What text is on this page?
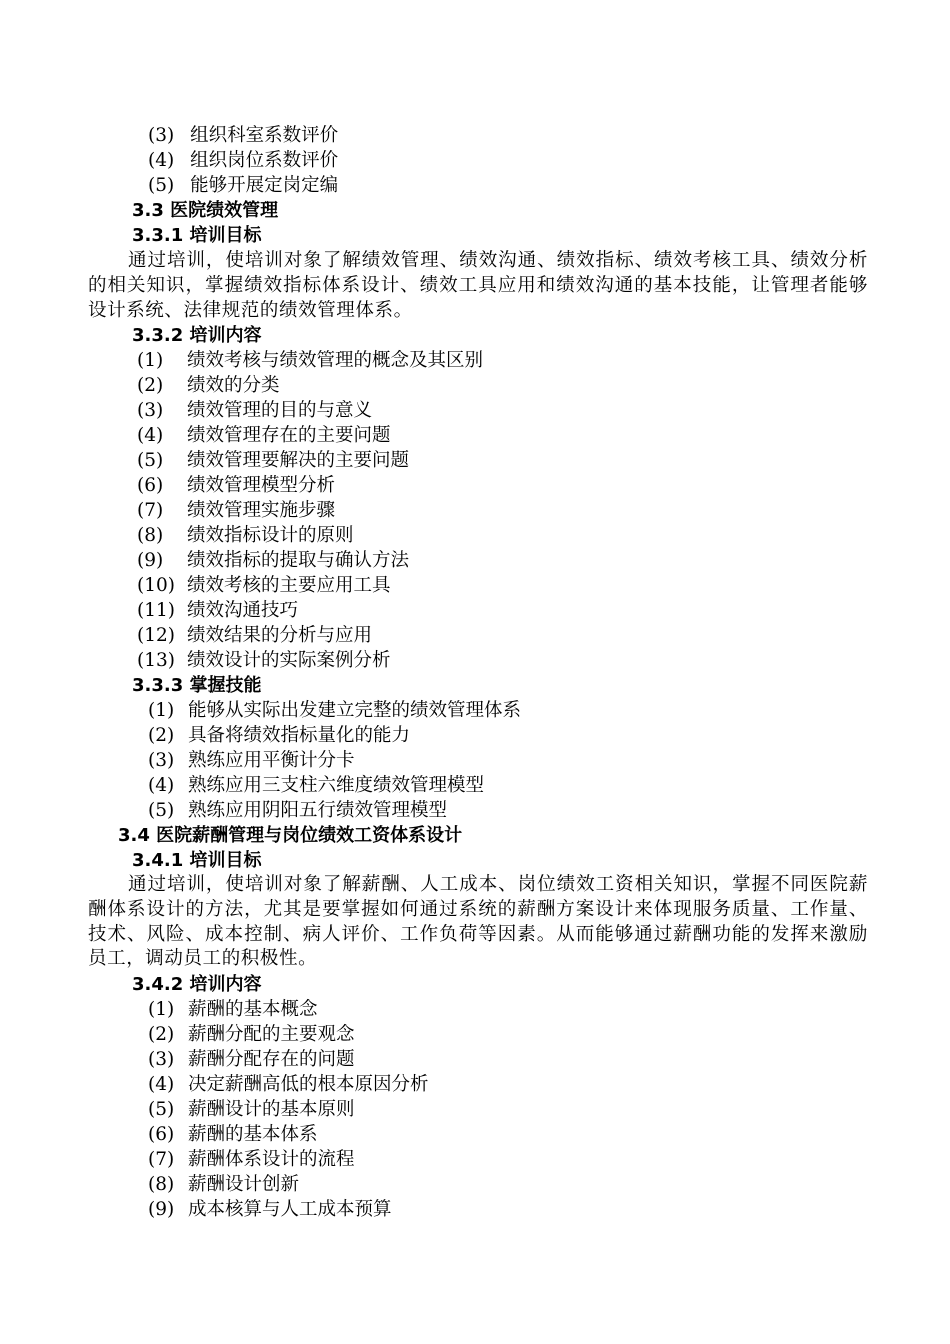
(3) 组织科室系数评价
(4) 组织岗位系数评价
(5) 能够开展定岗定编
3.3 医院绩效管理
3.3.1 培训目标
通过培训，使培训对象了解绩效管理、绩效沟通、绩效指标、绩效考核工具、绩效分析的相关知识，掌握绩效指标体系设计、绩效工具应用和绩效沟通的基本技能，让管理者能够设计系统、法律规范的绩效管理体系。
3.3.2 培训内容
(1) 绩效考核与绩效管理的概念及其区别
(2) 绩效的分类
(3) 绩效管理的目的与意义
(4) 绩效管理存在的主要问题
(5) 绩效管理要解决的主要问题
(6) 绩效管理模型分析
(7) 绩效管理实施步骤
(8) 绩效指标设计的原则
(9) 绩效指标的提取与确认方法
(10) 绩效考核的主要应用工具
(11) 绩效沟通技巧
(12) 绩效结果的分析与应用
(13) 绩效设计的实际案例分析
3.3.3 掌握技能
(1) 能够从实际出发建立完整的绩效管理体系
(2) 具备将绩效指标量化的能力
(3) 熟练应用平衡计分卡
(4) 熟练应用三支柱六维度绩效管理模型
(5) 熟练应用阴阳五行绩效管理模型
3.4 医院薪酬管理与岗位绩效工资体系设计
3.4.1 培训目标
通过培训，使培训对象了解薪酬、人工成本、岗位绩效工资相关知识，掌握不同医院薪酬体系设计的方法，尤其是要掌握如何通过系统的薪酬方案设计来体现服务质量、工作量、技术、风险、成本控制、病人评价、工作负荷等因素。从而能够通过薪酬功能的发挥来激励员工，调动员工的积极性。
3.4.2 培训内容
(1) 薪酬的基本概念
(2) 薪酬分配的主要观念
(3) 薪酬分配存在的问题
(4) 决定薪酬高低的根本原因分析
(5) 薪酬设计的基本原则
(6) 薪酬的基本体系
(7) 薪酬体系设计的流程
(8) 薪酬设计创新
(9) 成本核算与人工成本预算
